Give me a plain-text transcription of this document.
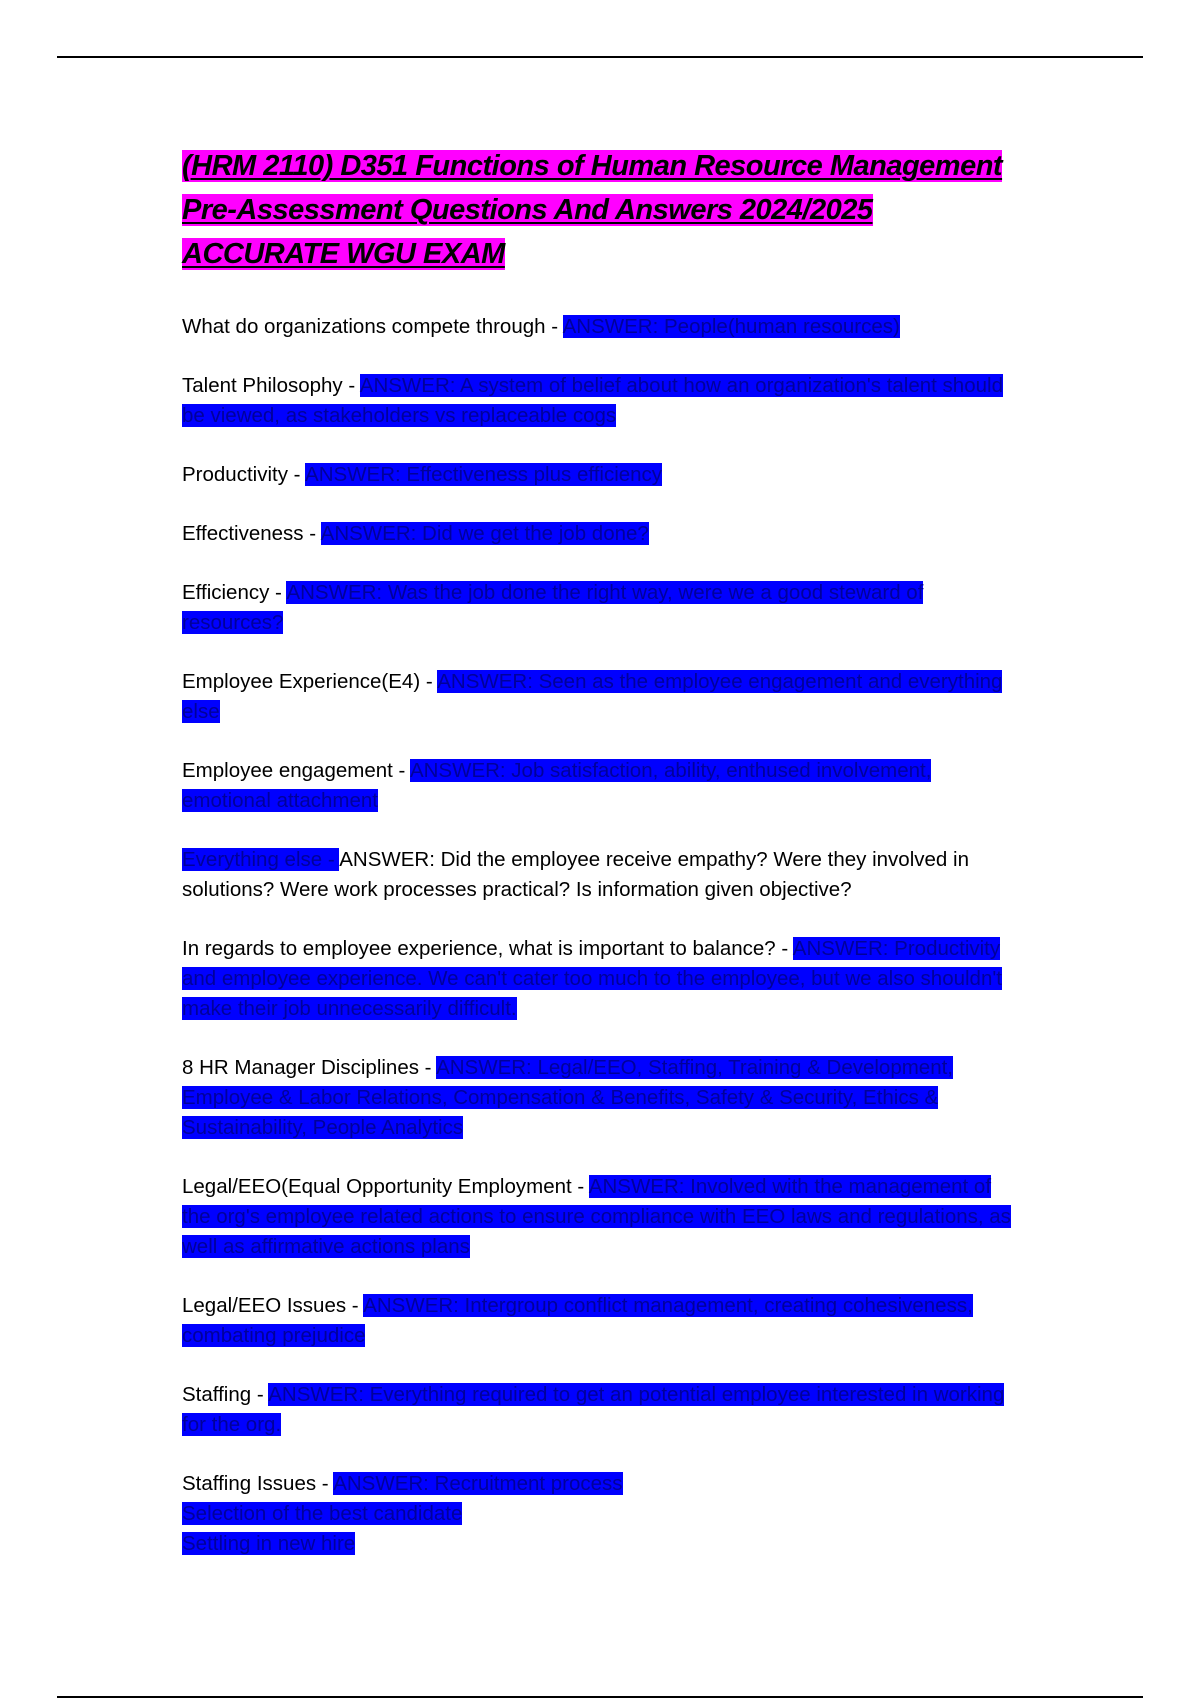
(HRM 2110) D351 Functions of Human Resource Management Pre-Assessment Questions And Answers 2024/2025 ACCURATE WGU EXAM

What do organizations compete through - ANSWER: People(human resources)

Talent Philosophy - ANSWER: A system of belief about how an organization's talent should be viewed, as stakeholders vs replaceable cogs

Productivity - ANSWER: Effectiveness plus efficiency

Effectiveness - ANSWER: Did we get the job done?

Efficiency - ANSWER: Was the job done the right way, were we a good steward of resources?

Employee Experience(E4) - ANSWER: Seen as the employee engagement and everything else

Employee engagement - ANSWER: Job satisfaction, ability, enthused involvement, emotional attachment

Everything else - ANSWER: Did the employee receive empathy? Were they involved in solutions? Were work processes practical? Is information given objective?

In regards to employee experience, what is important to balance? - ANSWER: Productivity and employee experience. We can't cater too much to the employee, but we also shouldn't make their job unnecessarily difficult.

8 HR Manager Disciplines - ANSWER: Legal/EEO, Staffing, Training & Development, Employee & Labor Relations, Compensation & Benefits, Safety & Security, Ethics & Sustainability, People Analytics

Legal/EEO(Equal Opportunity Employment - ANSWER: Involved with the management of the org's employee related actions to ensure compliance with EEO laws and regulations, as well as affirmative actions plans

Legal/EEO Issues - ANSWER: Intergroup conflict management, creating cohesiveness, combating prejudice

Staffing - ANSWER: Everything required to get an potential employee interested in working for the org.

Staffing Issues - ANSWER: Recruitment process
Selection of the best candidate
Settling in new hire
